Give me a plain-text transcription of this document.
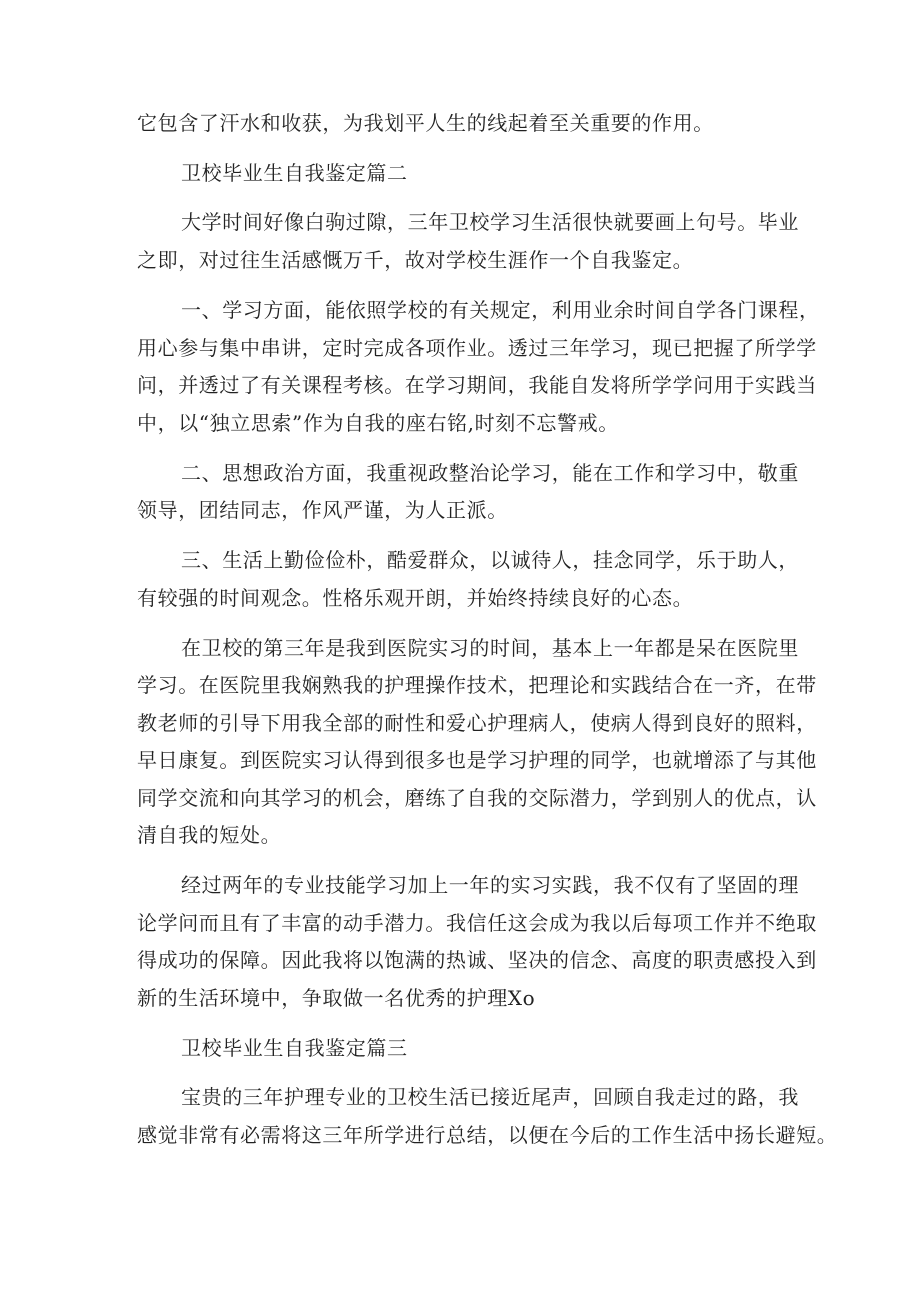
它包含了汗水和收获，为我划平人生的线起着至关重要的作用。
卫校毕业生自我鉴定篇二
大学时间好像白驹过隙，三年卫校学习生活很快就要画上句号。毕业
之即，对过往生活感慨万千，故对学校生涯作一个自我鉴定。
一、学习方面，能依照学校的有关规定，利用业余时间自学各门课程，
用心参与集中串讲，定时完成各项作业。透过三年学习，现已把握了所学学
问，并透过了有关课程考核。在学习期间，我能自发将所学学问用于实践当
中，以“独立思索”作为自我的座右铭,时刻不忘警戒。
二、思想政治方面，我重视政整治论学习，能在工作和学习中，敬重
领导，团结同志，作风严谨，为人正派。
三、生活上勤俭俭朴，酷爱群众，以诚待人，挂念同学，乐于助人，
有较强的时间观念。性格乐观开朗，并始终持续良好的心态。
在卫校的第三年是我到医院实习的时间，基本上一年都是呆在医院里
学习。在医院里我娴熟我的护理操作技术，把理论和实践结合在一齐，在带
教老师的引导下用我全部的耐性和爱心护理病人，使病人得到良好的照料，
早日康复。到医院实习认得到很多也是学习护理的同学，也就增添了与其他
同学交流和向其学习的机会，磨练了自我的交际潜力，学到别人的优点，认
清自我的短处。
经过两年的专业技能学习加上一年的实习实践，我不仅有了坚固的理
论学问而且有了丰富的动手潜力。我信任这会成为我以后每项工作并不绝取
得成功的保障。因此我将以饱满的热诚、坚决的信念、高度的职责感投入到
新的生活环境中，争取做一名优秀的护理Xo
卫校毕业生自我鉴定篇三
宝贵的三年护理专业的卫校生活已接近尾声，回顾自我走过的路，我
感觉非常有必需将这三年所学进行总结，以便在今后的工作生活中扬长避短。
